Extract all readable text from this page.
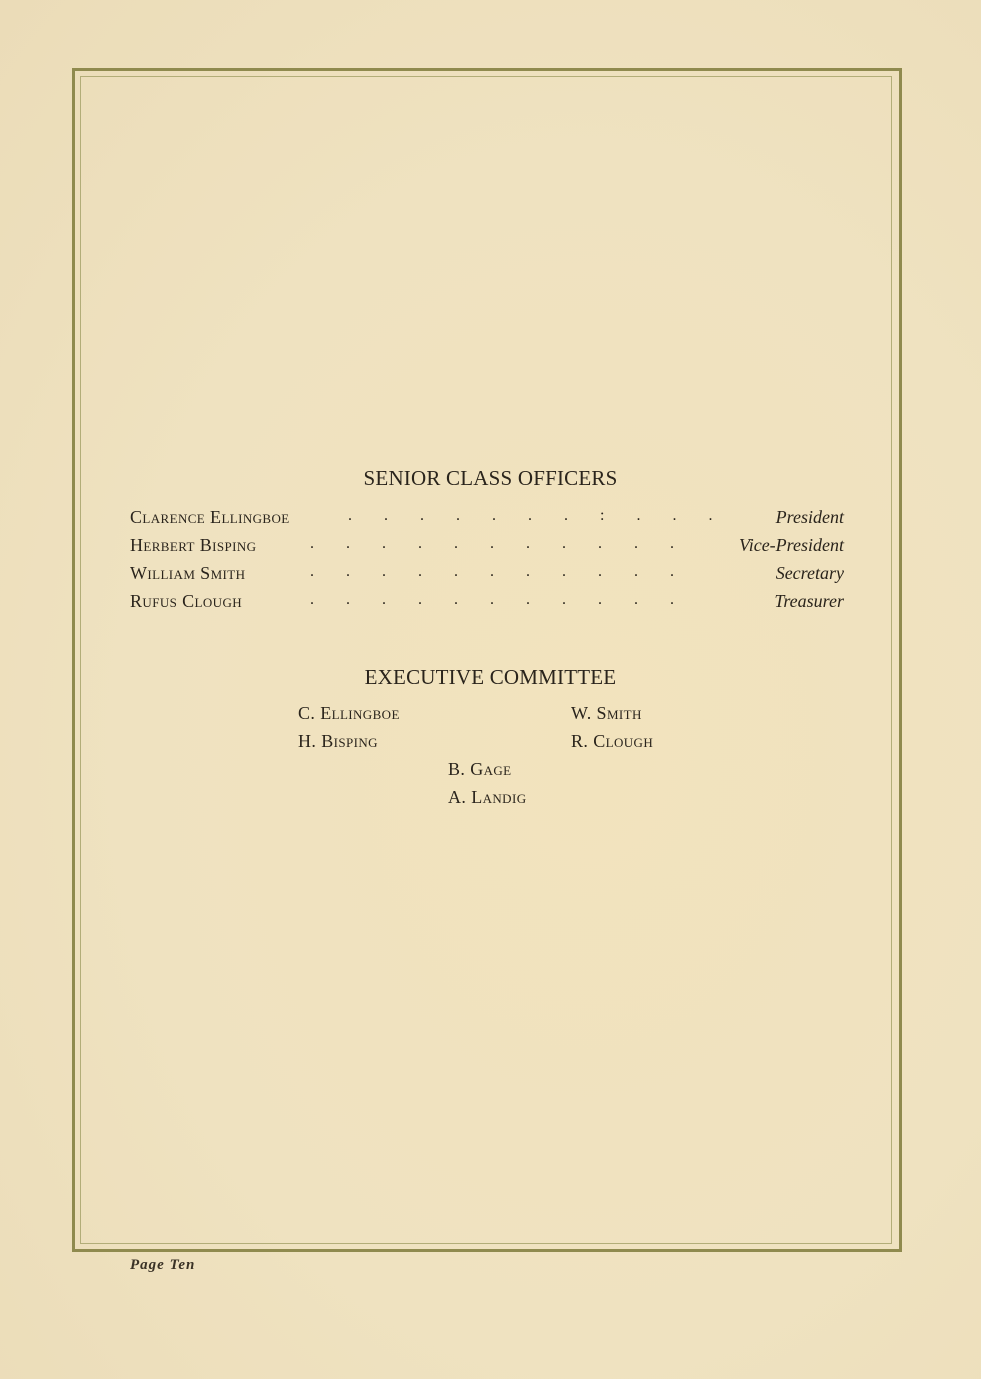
SENIOR CLASS OFFICERS
Clarence Ellingboe	. . . . . . . : . . .	President
Herbert Bisping	. . . . . . . . . . .	Vice-President
William Smith	. . . . . . . . . . .	Secretary
Rufus Clough	. . . . . . . . . . .	Treasurer
EXECUTIVE COMMITTEE
C. Ellingboe	W. Smith
H. Bisping	R. Clough
B. Gage
A. Landig
Page Ten
